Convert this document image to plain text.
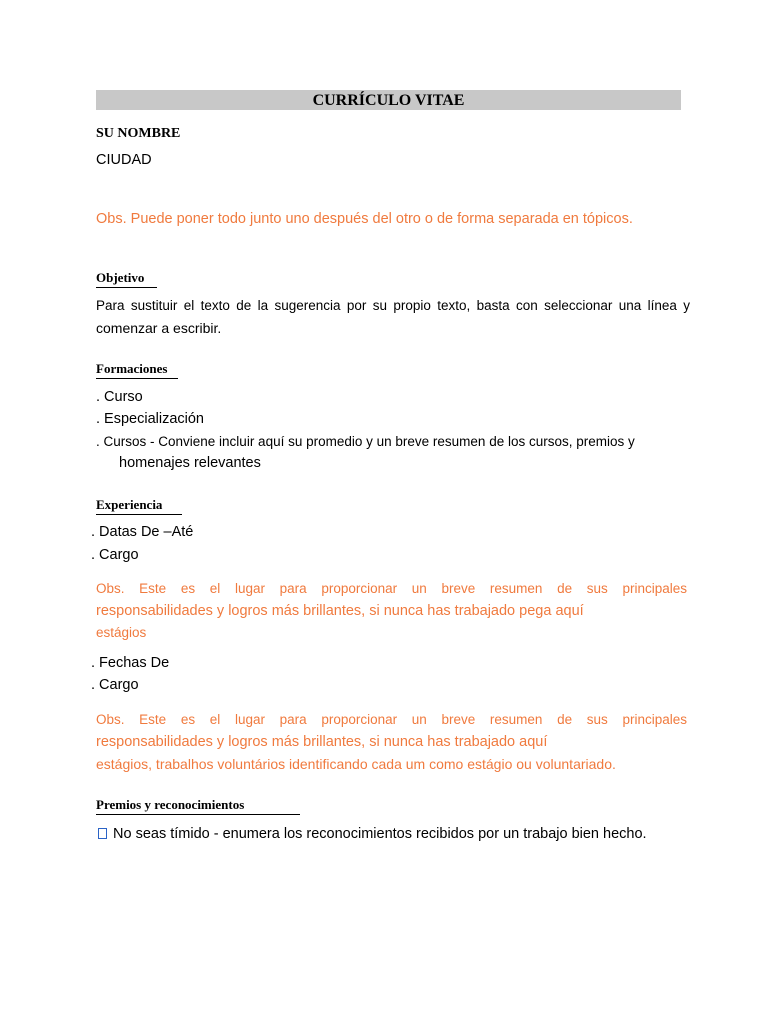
CURRÍCULO VITAE
SU NOMBRE
CIUDAD
Obs. Puede poner todo junto uno después del otro o de forma separada en tópicos.
Objetivo
Para sustituir el texto de la sugerencia por su propio texto, basta con seleccionar una línea y
comenzar a escribir.
Formaciones
. Curso
. Especialización
. Cursos - Conviene incluir aquí su promedio y un breve resumen de los cursos, premios y
homenajes relevantes
Experiencia
. Datas De –Até
. Cargo
Obs. Este es el lugar para proporcionar un breve resumen de sus principales
responsabilidades y logros más brillantes, si nunca has trabajado pega aquí
estágios
. Fechas De
. Cargo
Obs. Este es el lugar para proporcionar un breve resumen de sus principales
responsabilidades y logros más brillantes, si nunca has trabajado aquí
estágios, trabalhos voluntários identificando cada um como estágio ou voluntariado.
Premios y reconocimientos
No seas tímido - enumera los reconocimientos recibidos por un trabajo bien hecho.
